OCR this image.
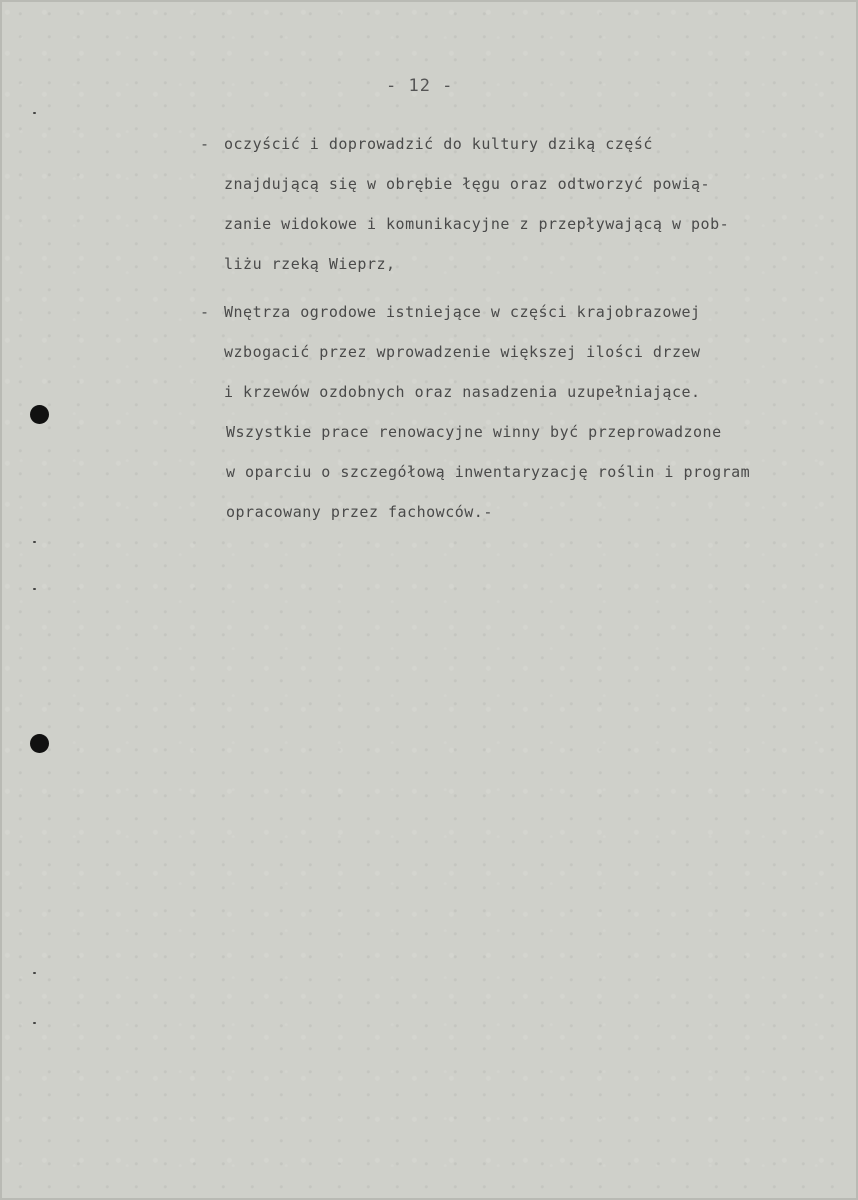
- 12 -

- oczyścić i doprowadzić do kultury dziką część
znajdującą się w obrębie łęgu oraz odtworzyć powią-
zanie widokowe i komunikacyjne z przepływającą w pob-
liżu rzeką Wieprz,

- Wnętrza ogrodowe istniejące w części krajobrazowej
wzbogacić przez wprowadzenie większej ilości drzew
i krzewów ozdobnych oraz nasadzenia uzupełniające.

Wszystkie prace renowacyjne winny być przeprowadzone
w oparciu o szczegółową inwentaryzację roślin i program
opracowany przez fachowców.-
